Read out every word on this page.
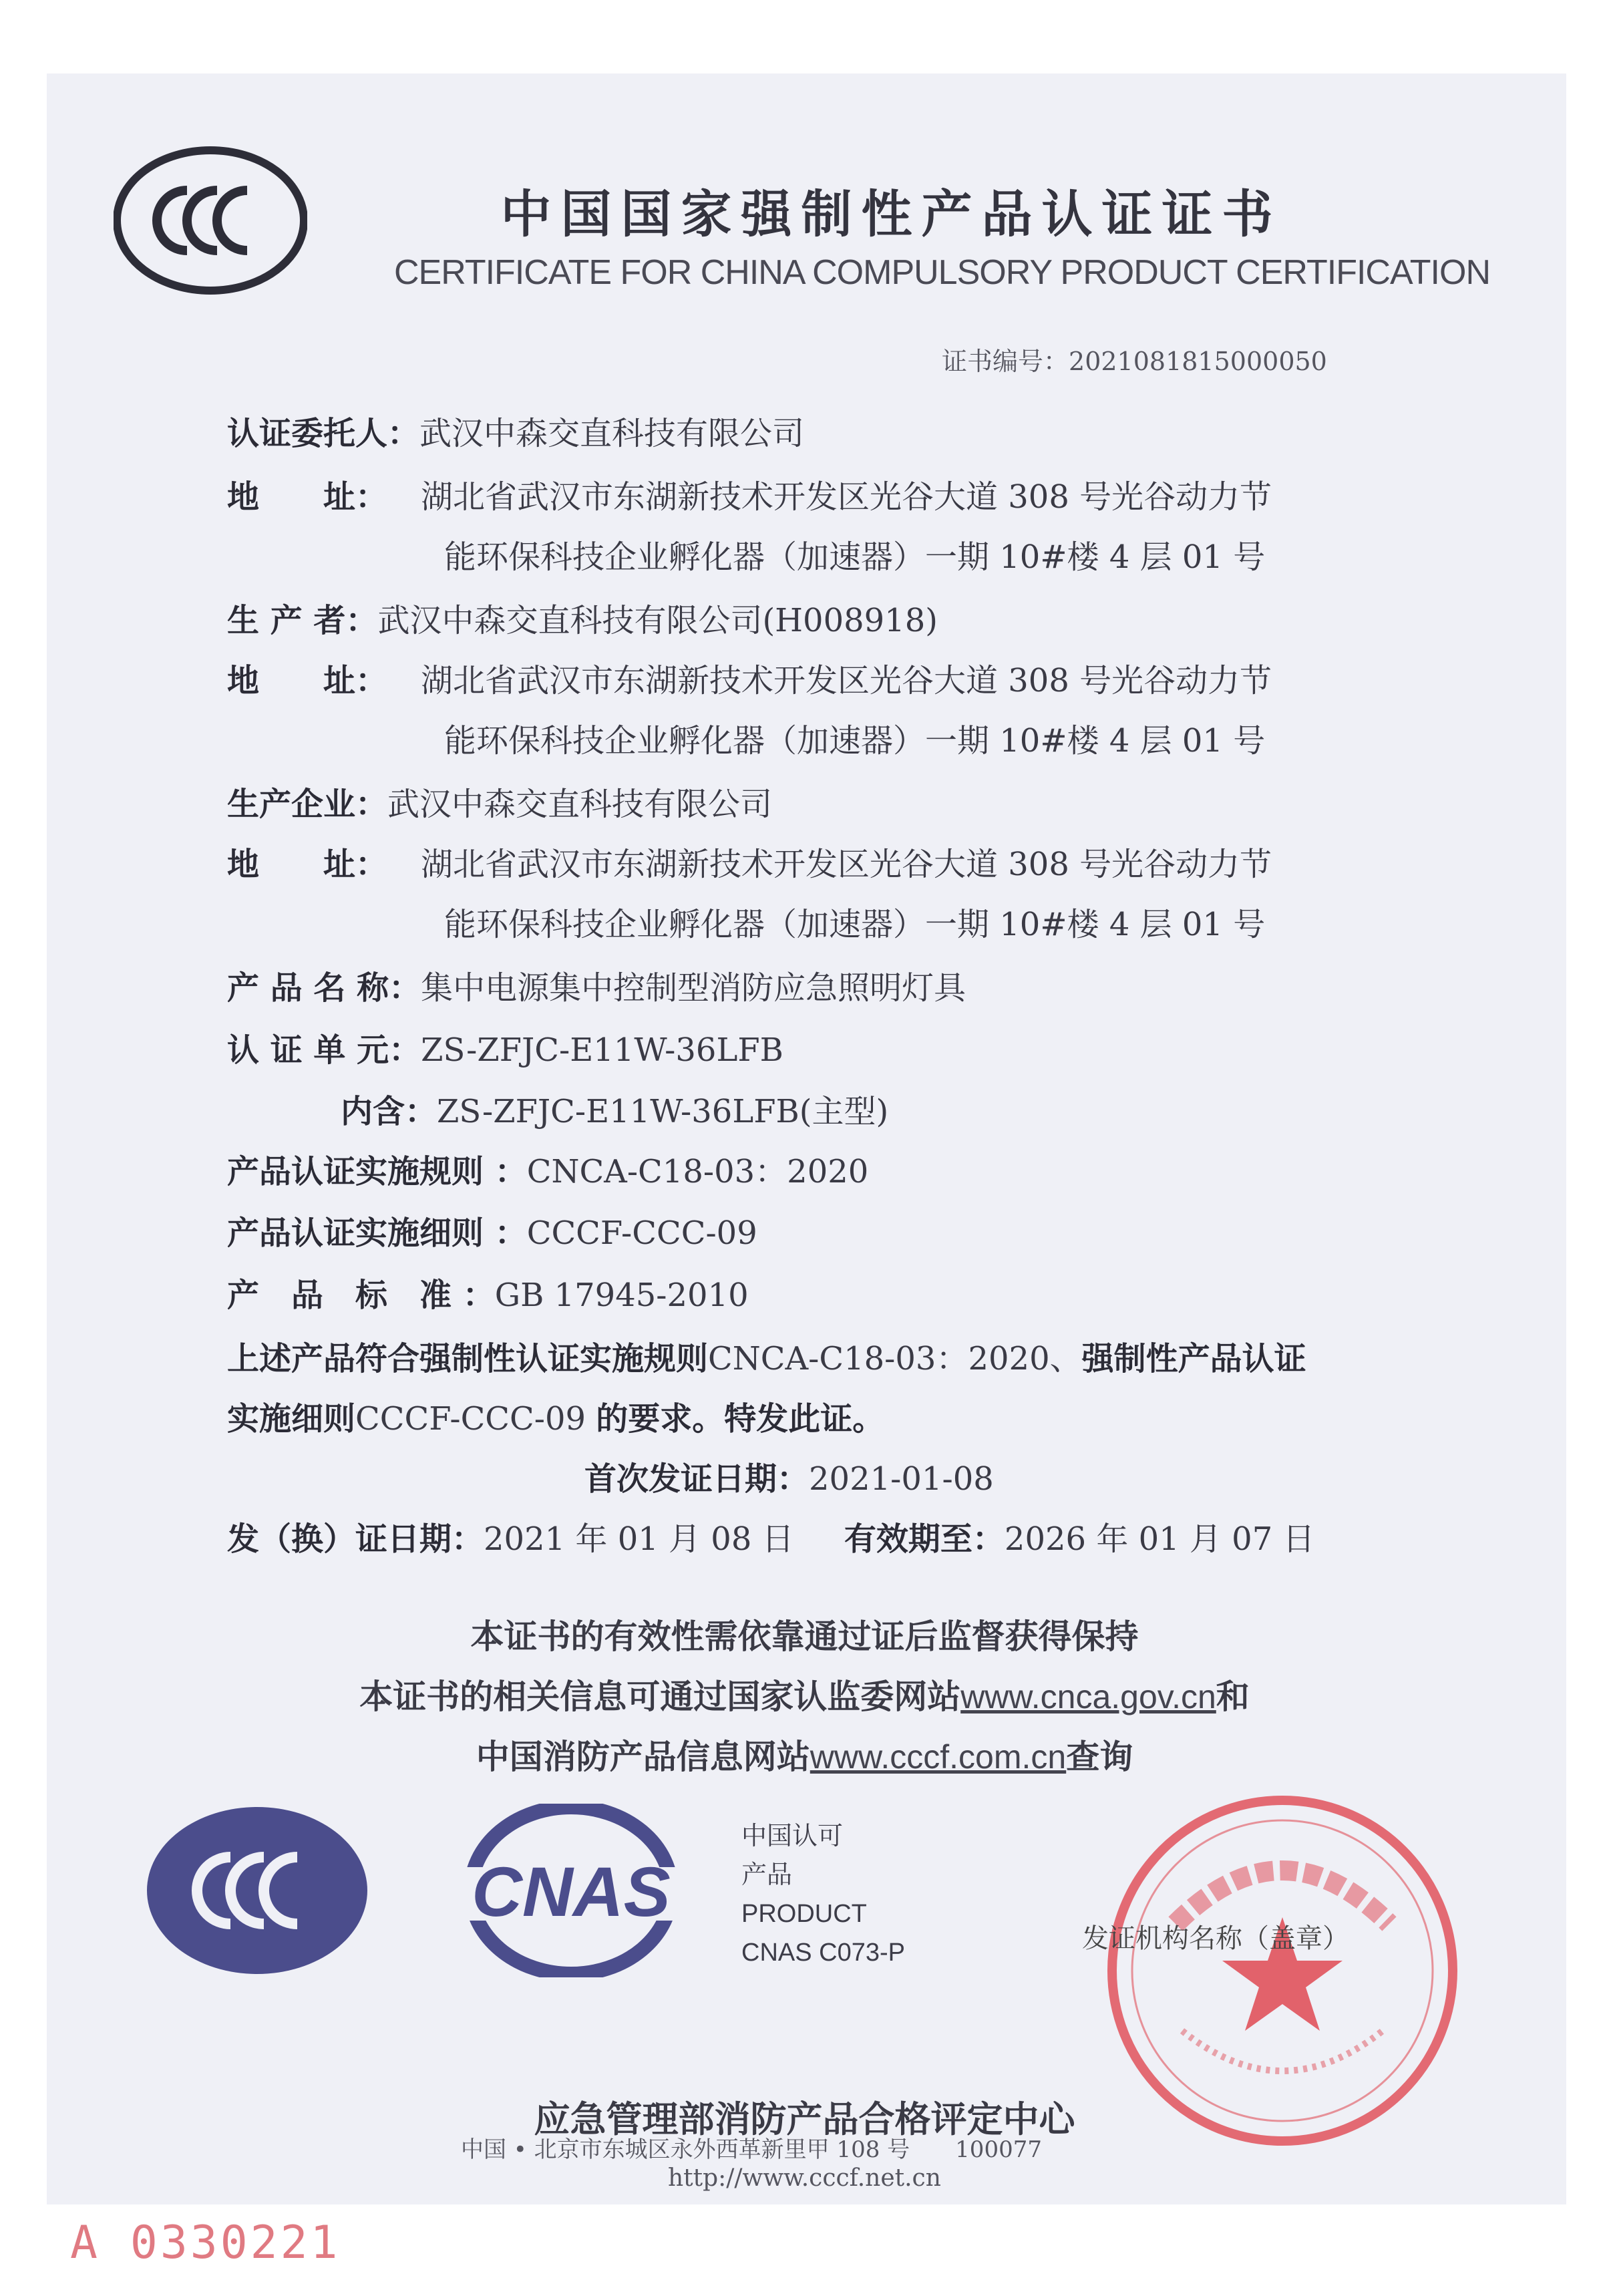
中国国家强制性产品认证证书
CERTIFICATE FOR CHINA COMPULSORY PRODUCT CERTIFICATION
证书编号：2021081815000050
认证委托人：武汉中森交直科技有限公司
地　　址： 湖北省武汉市东湖新技术开发区光谷大道 308 号光谷动力节
能环保科技企业孵化器（加速器）一期 10#楼 4 层 01 号
生 产 者：武汉中森交直科技有限公司(H008918)
地　　址： 湖北省武汉市东湖新技术开发区光谷大道 308 号光谷动力节
能环保科技企业孵化器（加速器）一期 10#楼 4 层 01 号
生产企业：武汉中森交直科技有限公司
地　　址： 湖北省武汉市东湖新技术开发区光谷大道 308 号光谷动力节
能环保科技企业孵化器（加速器）一期 10#楼 4 层 01 号
产 品 名 称：集中电源集中控制型消防应急照明灯具
认 证 单 元：ZS-ZFJC-E11W-36LFB
内含：ZS-ZFJC-E11W-36LFB(主型)
产品认证实施规则 ：CNCA-C18-03：2020
产品认证实施细则 ：CCCF-CCC-09
产　品　标　准 ：GB 17945-2010
上述产品符合强制性认证实施规则CNCA-C18-03：2020、强制性产品认证
实施细则CCCF-CCC-09 的要求。特发此证。
首次发证日期：2021-01-08
发（换）证日期：2021 年 01 月 08 日 有效期至：2026 年 01 月 07 日
本证书的有效性需依靠通过证后监督获得保持
本证书的相关信息可通过国家认监委网站www.cnca.gov.cn和
中国消防产品信息网站www.cccf.com.cn查询
CNAS
中国认可
产品
PRODUCT
CNAS C073-P	发证机构名称（盖章）
应急管理部消防产品合格评定中心
中国 • 北京市东城区永外西革新里甲 108 号　　100077
http://www.cccf.net.cn
A 0330221
